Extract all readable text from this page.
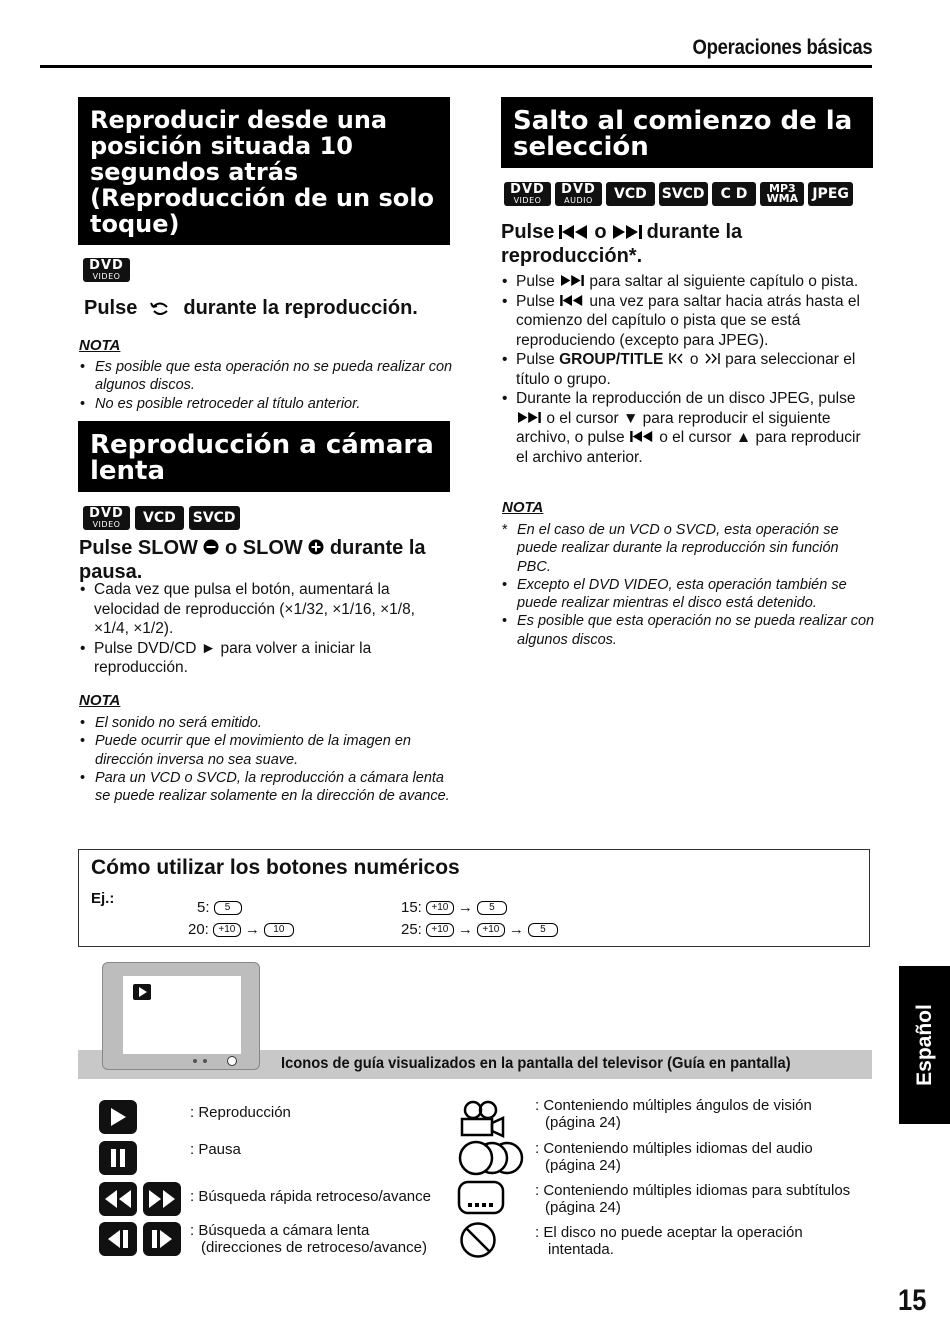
Operaciones básicas
Reproducir desde una posición situada 10 segundos atrás (Reproducción de un solo toque)
DVD
VIDEO
Pulse durante la reproducción.
NOTA
• Es posible que esta operación no se pueda realizar con algunos discos.
• No es posible retroceder al título anterior.
Reproducción a cámara lenta
DVD
VIDEO	VCD	SVCD
Pulse SLOW o SLOW durante la pausa.
• Cada vez que pulsa el botón, aumentará la velocidad de reproducción (×1/32, ×1/16, ×1/8, ×1/4, ×1/2).
• Pulse DVD/CD ► para volver a iniciar la reproducción.
NOTA
• El sonido no será emitido.
• Puede ocurrir que el movimiento de la imagen en dirección inversa no sea suave.
• Para un VCD o SVCD, la reproducción a cámara lenta se puede realizar solamente en la dirección de avance.
Salto al comienzo de la selección
DVD
VIDEO
DVD
AUDIO	VCD	SVCD	C D	MP3
WMA JPEG
Pulse o durante la
reproducción*.
• Pulse para saltar al siguiente capítulo o pista.
• Pulse una vez para saltar hacia atrás hasta el comienzo del capítulo o pista que se está reproduciendo (excepto para JPEG).
• Pulse GROUP/TITLE o para seleccionar el título o grupo.
• Durante la reproducción de un disco JPEG, pulse  o el cursor ▼ para reproducir el siguiente archivo, o pulse o el cursor ▲ para reproducir el archivo anterior.
NOTA
* En el caso de un VCD o SVCD, esta operación se puede realizar durante la reproducción sin función PBC.
• Excepto el DVD VIDEO, esta operación también se puede realizar mientras el disco está detenido.
• Es posible que esta operación no se pueda realizar con algunos discos.
Cómo utilizar los botones numéricos
Ej.:
5:	5
20: +10 →	10
15: +10 →	5
25: +10 → +10 →	5
Iconos de guía visualizados en la pantalla del televisor (Guía en pantalla)
: Reproducción
: Pausa
: Búsqueda rápida retroceso/avance
: Búsqueda a cámara lenta
(direcciones de retroceso/avance)
: Conteniendo múltiples ángulos de visión
(página 24)
: Conteniendo múltiples idiomas del audio
(página 24)
: Conteniendo múltiples idiomas para subtítulos
(página 24)
: El disco no puede aceptar la operación
intentada.
Español
15
